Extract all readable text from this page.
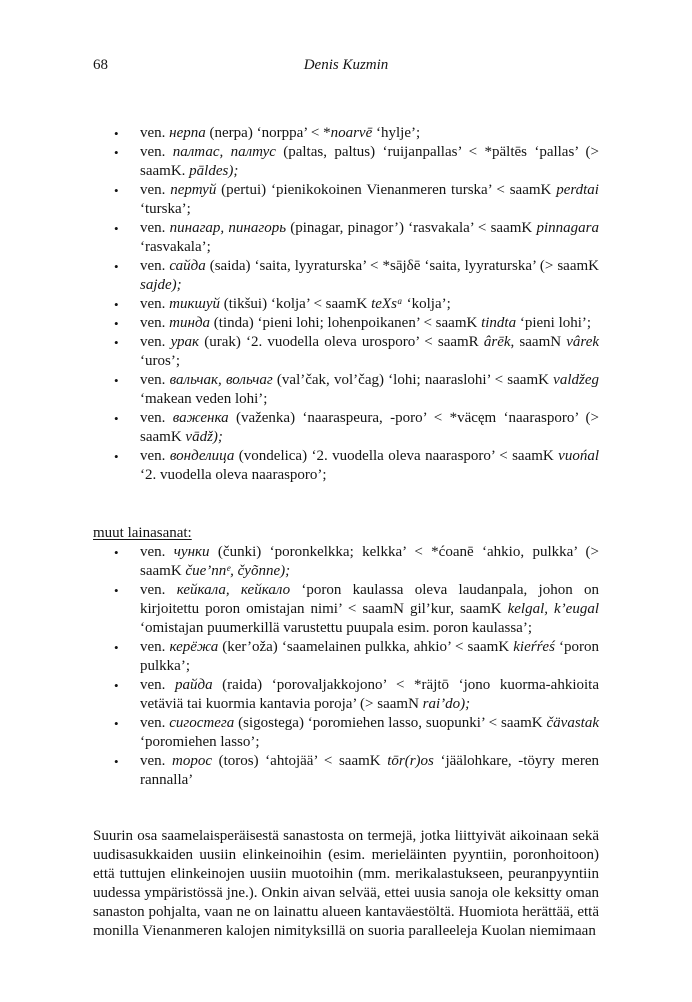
68	Denis Kuzmin
• ven. нерпа (nerpa) ‘norppa’ < *noarvē ‘hylje’;
• ven. палтас, палтус (paltas, paltus) ‘ruijanpallas’ < *pältēs ‘pallas’ (> saamK. pāldes);
• ven. пертуй (pertui) ‘pienikokoinen Vienanmeren turska’ < saamK perdtai ‘turska’;
• ven. пинагар, пинагорь (pinagar, pinagor’) ‘rasvakala’ < saamK pinnagara ‘rasvakala’;
• ven. сайда (saida) ‘saita, lyyraturska’ < *sājδē ‘saita, lyyraturska’ (> saamK sajde);
• ven. тикшуй (tikšui) ‘kolja’ < saamK teXsᵃ ‘kolja’;
• ven. тинда (tinda) ‘pieni lohi; lohenpoikanen’ < saamK tindta ‘pieni lohi’;
• ven. урак (urak) ‘2. vuodella oleva urosporo’ < saamR ârēk, saamN vârek ‘uros’;
• ven. вальчак, вольчаг (val’čak, vol’čag) ‘lohi; naaraslohi’ < saamK valdžeg ‘makean veden lohi’;
• ven. важенка (važenka) ‘naaraspeura, -poro’ < *väcęm ‘naarasporo’ (> saamK vādž);
• ven. вонделица (vondelica) ‘2. vuodella oleva naarasporo’ < saamK vuońal ‘2. vuodella oleva naarasporo’;
muut lainasanat:
• ven. чунки (čunki) ‘poronkelkka; kelkka’ < *ćoanē ‘ahkio, pulkka’ (> saamK čue’nnᵉ, čуõnne);
• ven. кейкала, кейкало ‘poron kaulassa oleva laudanpala, johon on kirjoitettu poron omistajan nimi’ < saamN gil’kur, saamK kelgal, k’eugal ‘omistajan puumerkillä varustettu puupala esim. poron kaulassa’;
• ven. керёжа (ker’oža) ‘saamelainen pulkka, ahkio’ < saamK kieŕŕeś ‘poron pulkka’;
• ven. райда (raida) ‘porovaljakkojono’ < *räjtō ‘jono kuorma-ahkioita vetäviä tai kuormia kantavia poroja’ (> saamN rai’do);
• ven. сигостега (sigostega) ‘poromiehen lasso, suopunki’ < saamK čävastak ‘poromiehen lasso’;
• ven. торос (toros) ‘ahtojää’ < saamK tōr(r)os ‘jäälohkare, -töyry meren rannalla’
Suurin osa saamelaisperäisestä sanastosta on termejä, jotka liittyivät aikoinaan sekä uudisasukkaiden uusiin elinkeinoihin (esim. merieläinten pyyntiin, poronhoitoon) että tuttujen elinkeinojen uusiin muotoihin (mm. merikalastukseen, peuranpyyntiin uudessa ympäristössä jne.). Onkin aivan selvää, ettei uusia sanoja ole keksitty oman sanaston pohjalta, vaan ne on lainattu alueen kantaväestöltä. Huomiota herättää, että monilla Vienanmeren kalojen nimityksillä on suoria paralleeleja Kuolan niemimaan
